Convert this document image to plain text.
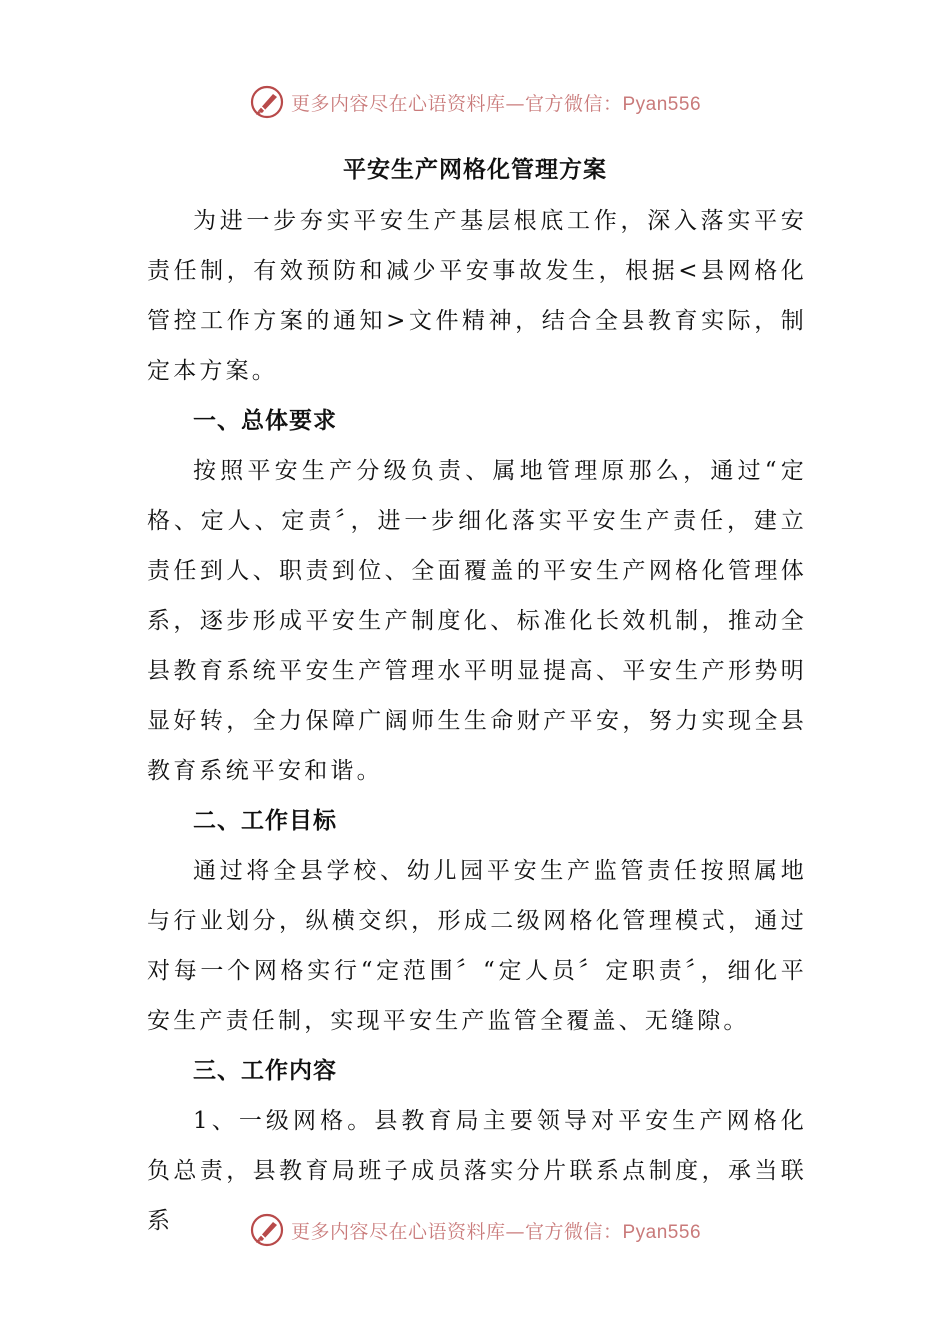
更多内容尽在心语资料库—官方微信：Pyan556
平安生产网格化管理方案

为进一步夯实平安生产基层根底工作，深入落实平安责任制，有效预防和减少平安事故发生，根据<县网格化管控工作方案的通知>文件精神，结合全县教育实际，制定本方案。

一、总体要求

按照平安生产分级负责、属地管理原那么，通过“定格、定人、定责〞，进一步细化落实平安生产责任，建立责任到人、职责到位、全面覆盖的平安生产网格化管理体系，逐步形成平安生产制度化、标准化长效机制，推动全县教育系统平安生产管理水平明显提高、平安生产形势明显好转，全力保障广阔师生生命财产平安，努力实现全县教育系统平安和谐。

二、工作目标

通过将全县学校、幼儿园平安生产监管责任按照属地与行业划分，纵横交织，形成二级网格化管理模式，通过对每一个网格实行“定范围〞“定人员〞定职责〞，细化平安生产责任制，实现平安生产监管全覆盖、无缝隙。

三、工作内容

1、一级网格。县教育局主要领导对平安生产网格化负总责，县教育局班子成员落实分片联系点制度，承当联系	更多内容尽在心语资料库—官方微信：Pyan556
